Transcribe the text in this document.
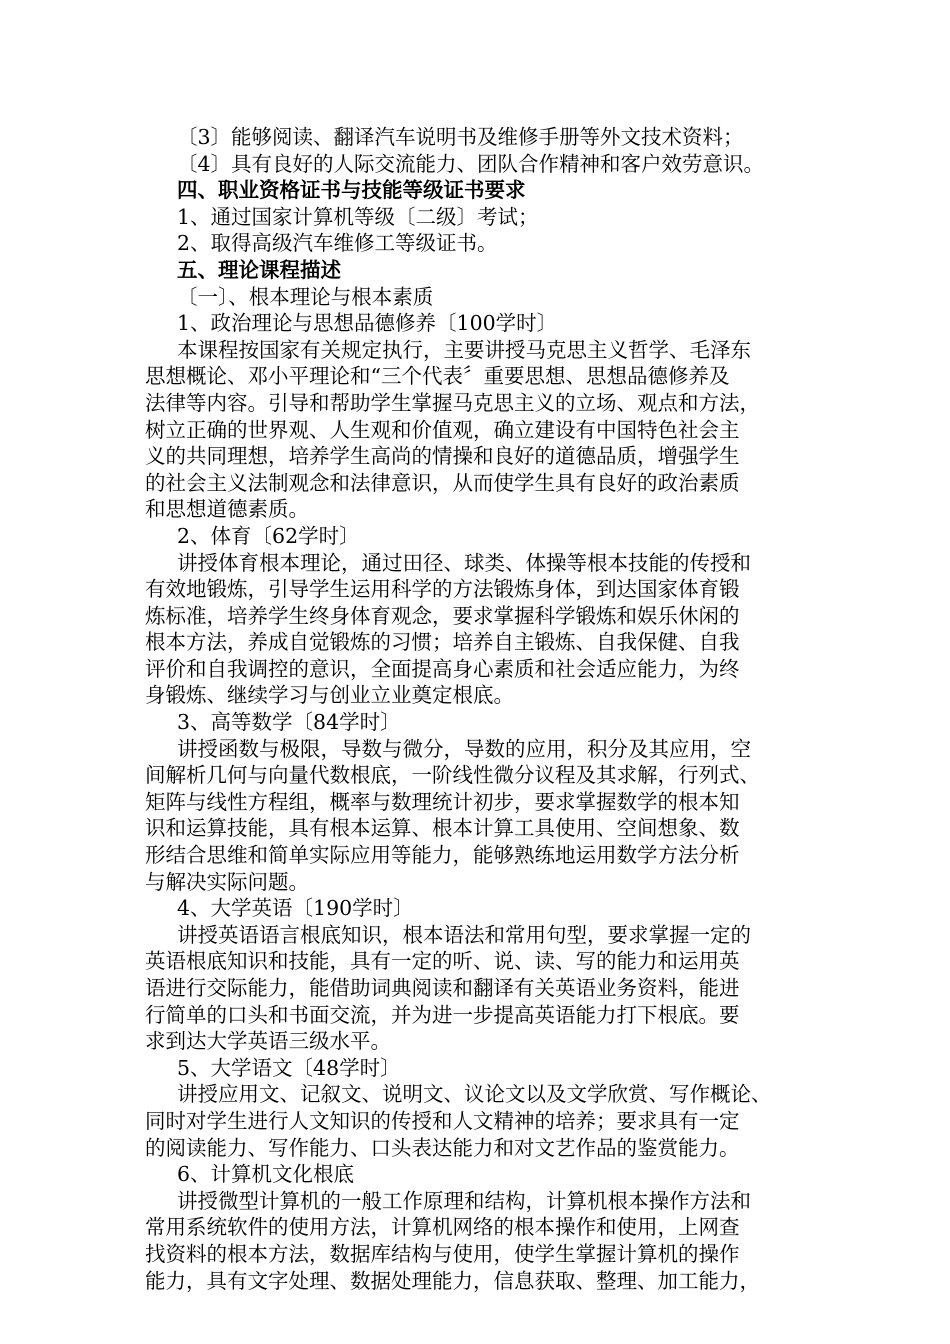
〔3〕能够阅读、翻译汽车说明书及维修手册等外文技术资料；
〔4〕具有良好的人际交流能力、团队合作精神和客户效劳意识。
四、职业资格证书与技能等级证书要求
1、通过国家计算机等级〔二级〕考试；
2、取得高级汽车维修工等级证书。
五、理论课程描述
〔一〕、根本理论与根本素质
1、政治理论与思想品德修养〔100学时〕
本课程按国家有关规定执行，主要讲授马克思主义哲学、毛泽东
思想概论、邓小平理论和“三个代表〞重要思想、思想品德修养及
法律等内容。引导和帮助学生掌握马克思主义的立场、观点和方法，
树立正确的世界观、人生观和价值观，确立建设有中国特色社会主
义的共同理想，培养学生高尚的情操和良好的道德品质，增强学生
的社会主义法制观念和法律意识，从而使学生具有良好的政治素质
和思想道德素质。
2、体育〔62学时〕
讲授体育根本理论，通过田径、球类、体操等根本技能的传授和
有效地锻炼，引导学生运用科学的方法锻炼身体，到达国家体育锻
炼标准，培养学生终身体育观念，要求掌握科学锻炼和娱乐休闲的
根本方法，养成自觉锻炼的习惯；培养自主锻炼、自我保健、自我
评价和自我调控的意识，全面提高身心素质和社会适应能力，为终
身锻炼、继续学习与创业立业奠定根底。
3、高等数学〔84学时〕
讲授函数与极限，导数与微分，导数的应用，积分及其应用，空
间解析几何与向量代数根底，一阶线性微分议程及其求解，行列式、
矩阵与线性方程组，概率与数理统计初步，要求掌握数学的根本知
识和运算技能，具有根本运算、根本计算工具使用、空间想象、数
形结合思维和简单实际应用等能力，能够熟练地运用数学方法分析
与解决实际问题。
4、大学英语〔190学时〕
讲授英语语言根底知识，根本语法和常用句型，要求掌握一定的
英语根底知识和技能，具有一定的听、说、读、写的能力和运用英
语进行交际能力，能借助词典阅读和翻译有关英语业务资料，能进
行简单的口头和书面交流，并为进一步提高英语能力打下根底。要
求到达大学英语三级水平。
5、大学语文〔48学时〕
讲授应用文、记叙文、说明文、议论文以及文学欣赏、写作概论、
同时对学生进行人文知识的传授和人文精神的培养；要求具有一定
的阅读能力、写作能力、口头表达能力和对文艺作品的鉴赏能力。
6、计算机文化根底
讲授微型计算机的一般工作原理和结构，计算机根本操作方法和
常用系统软件的使用方法，计算机网络的根本操作和使用，上网查
找资料的根本方法，数据库结构与使用，使学生掌握计算机的操作
能力，具有文字处理、数据处理能力，信息获取、整理、加工能力，
